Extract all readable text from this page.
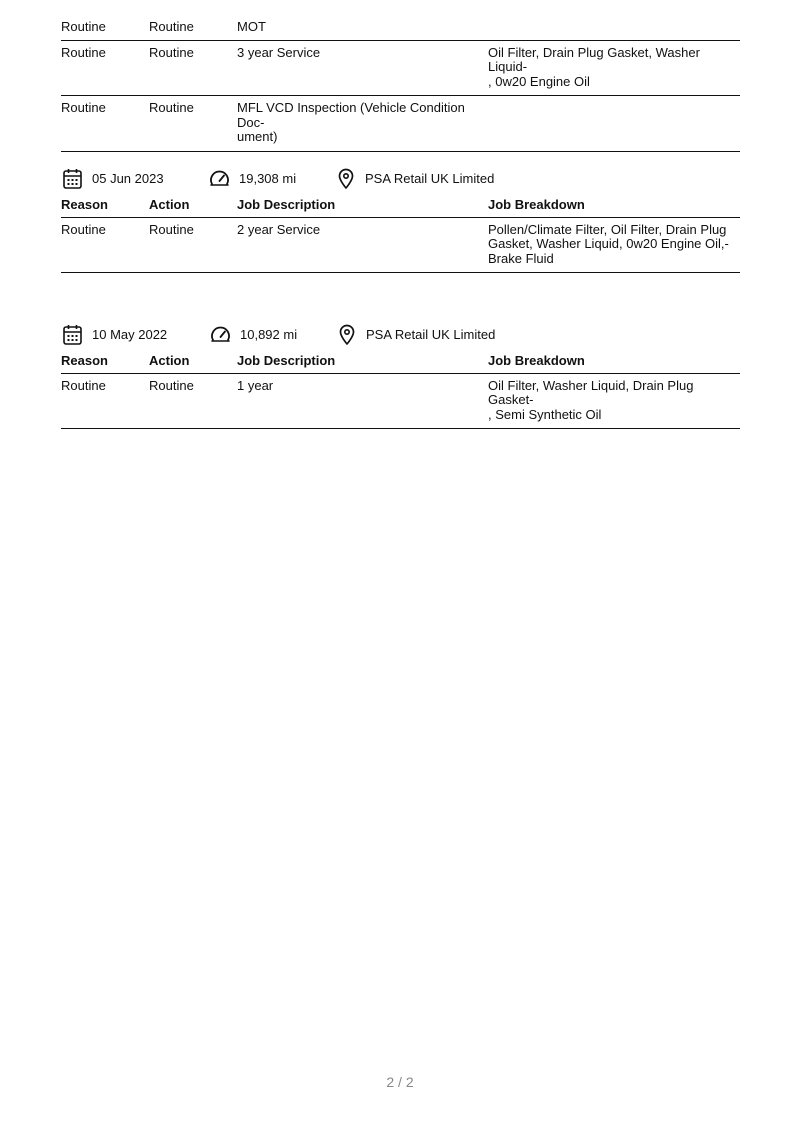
Routine	Routine	MOT	
Routine	Routine	3 year Service	Oil Filter, Drain Plug Gasket, Washer Liquid-
, 0w20 Engine Oil
Routine	Routine	MFL VCD Inspection (Vehicle Condition Doc-
ument)	
05 Jun 2023	19,308 mi	PSA Retail UK Limited
Reason	Action	Job Description	Job Breakdown
Routine	Routine	2 year Service	Pollen/Climate Filter, Oil Filter, Drain Plug
Gasket, Washer Liquid, 0w20 Engine Oil,-
Brake Fluid
10 May 2022	10,892 mi	PSA Retail UK Limited
Reason	Action	Job Description	Job Breakdown
Routine	Routine	1 year	Oil Filter, Washer Liquid, Drain Plug Gasket-
, Semi Synthetic Oil
2 / 2
